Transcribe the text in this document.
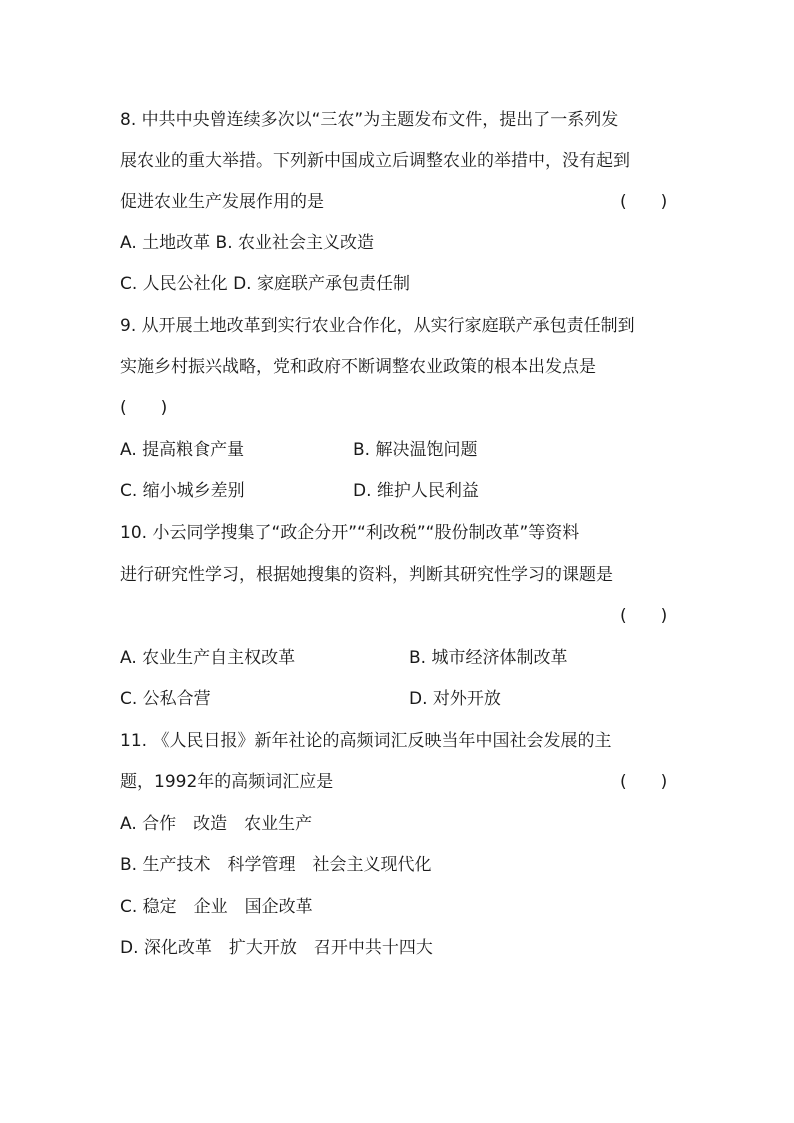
8. 中共中央曾连续多次以“三农”为主题发布文件，提出了一系列发
展农业的重大举措。下列新中国成立后调整农业的举措中，没有起到
促进农业生产发展作用的是	(　　)
A. 土地改革 B. 农业社会主义改造
C. 人民公社化 D. 家庭联产承包责任制
9. 从开展土地改革到实行农业合作化，从实行家庭联产承包责任制到
实施乡村振兴战略，党和政府不断调整农业政策的根本出发点是
(　　)
A. 提高粮食产量	B. 解决温饱问题
C. 缩小城乡差别	D. 维护人民利益
10. 小云同学搜集了“政企分开”“利改税”“股份制改革”等资料
进行研究性学习，根据她搜集的资料，判断其研究性学习的课题是
(　　)
A. 农业生产自主权改革	B. 城市经济体制改革
C. 公私合营	D. 对外开放
11. 《人民日报》新年社论的高频词汇反映当年中国社会发展的主
题，1992年的高频词汇应是	(　　)
A. 合作　改造　农业生产
B. 生产技术　科学管理　社会主义现代化
C. 稳定　企业　国企改革
D. 深化改革　扩大开放　召开中共十四大
